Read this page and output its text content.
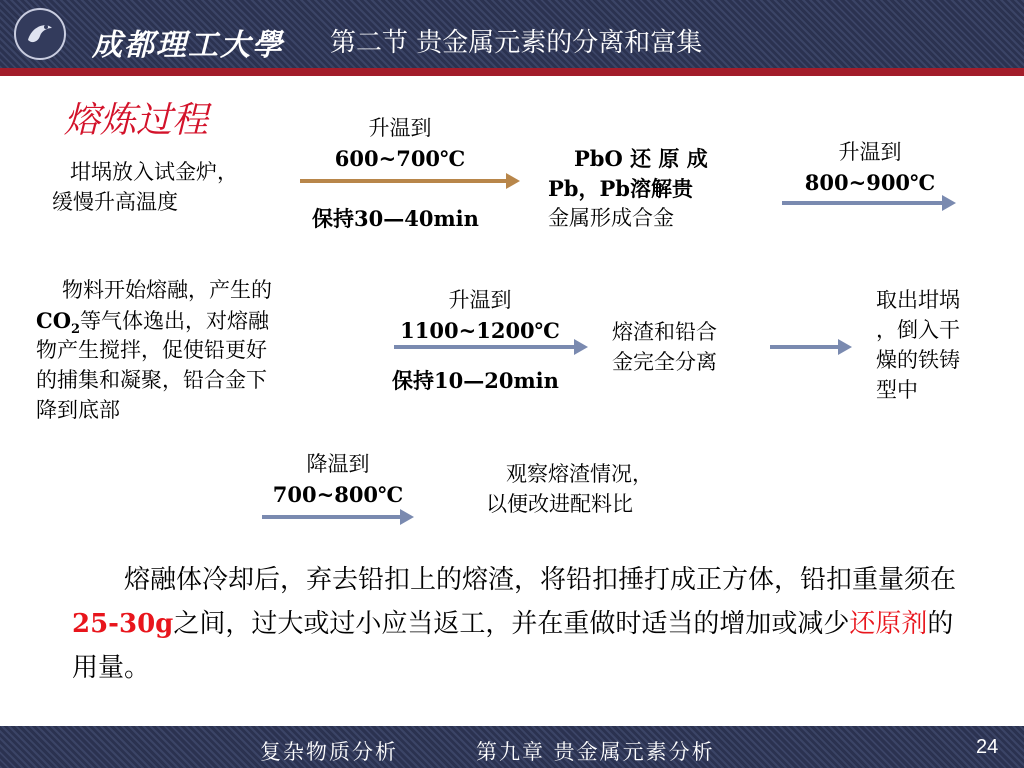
成都理工大學 第二节 贵金属元素的分离和富集
熔炼过程
坩埚放入试金炉，
缓慢升高温度
升温到
600~700℃
保持30—40min
PbO 还 原 成
Pb，Pb溶解贵
金属形成合金
升温到
800~900℃
物料开始熔融，产生的
$CO_2$等气体逸出，对熔融
物产生搅拌，促使铅更好
的捕集和凝聚，铅合金下
降到底部
升温到
1100~1200℃
保持10—20min
熔渣和铅合
金完全分离
取出坩埚
，倒入干
燥的铁铸
型中
降温到
700~800℃
观察熔渣情况，
以便改进配料比
熔融体冷却后，弃去铅扣上的熔渣，将铅扣捶打成正方体，铅扣重量须在25-30g之间，过大或过小应当返工，并在重做时适当的增加或减少还原剂的用量。
复杂物质分析	第九章 贵金属元素分析	24
